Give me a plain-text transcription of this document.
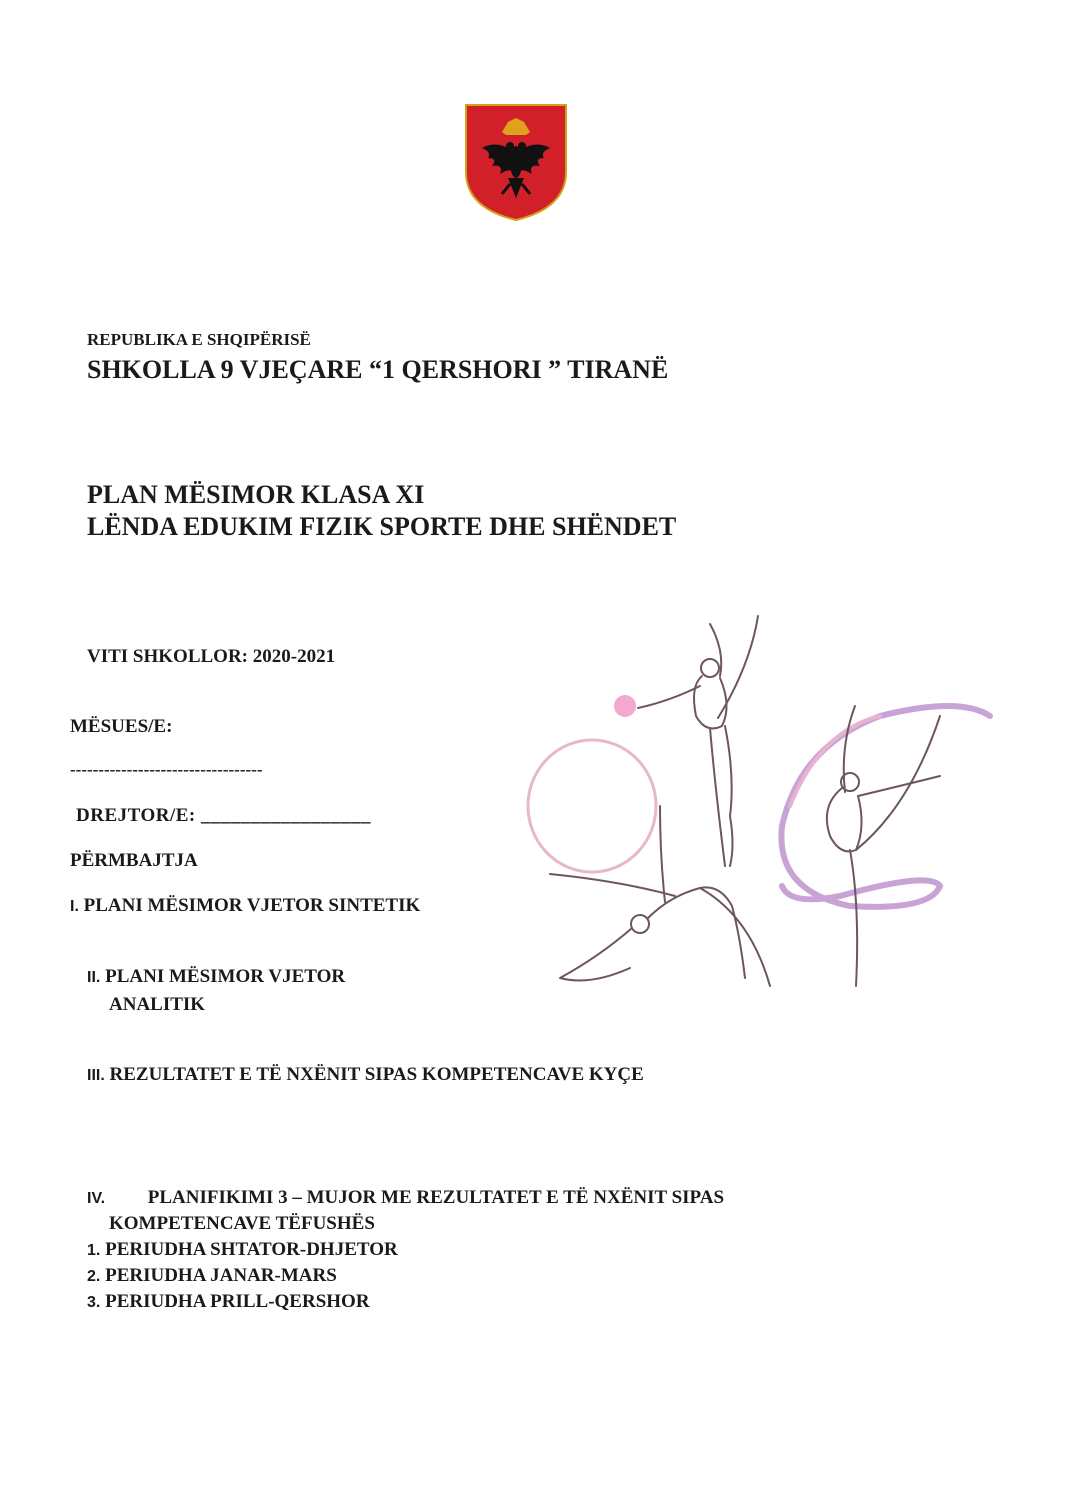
REPUBLIKA E SHQIPËRISË
SHKOLLA 9 VJEÇARE “1 QERSHORI ” TIRANË
PLAN MËSIMOR KLASA XI
LËNDA EDUKIM FIZIK SPORTE DHE SHËNDET
VITI SHKOLLOR: 2020-2021
MËSUES/E:
----------------------------------
DREJTOR/E: _________________
PËRMBAJTJA
I. PLANI MËSIMOR VJETOR SINTETIK
II. PLANI MËSIMOR VJETOR
ANALITIK
III. REZULTATET E TË NXËNIT SIPAS KOMPETENCAVE KYÇE
IV. PLANIFIKIMI 3 – MUJOR ME REZULTATET E TË NXËNIT SIPAS
KOMPETENCAVE TËFUSHËS
1. PERIUDHA SHTATOR-DHJETOR
2. PERIUDHA JANAR-MARS
3. PERIUDHA PRILL-QERSHOR
